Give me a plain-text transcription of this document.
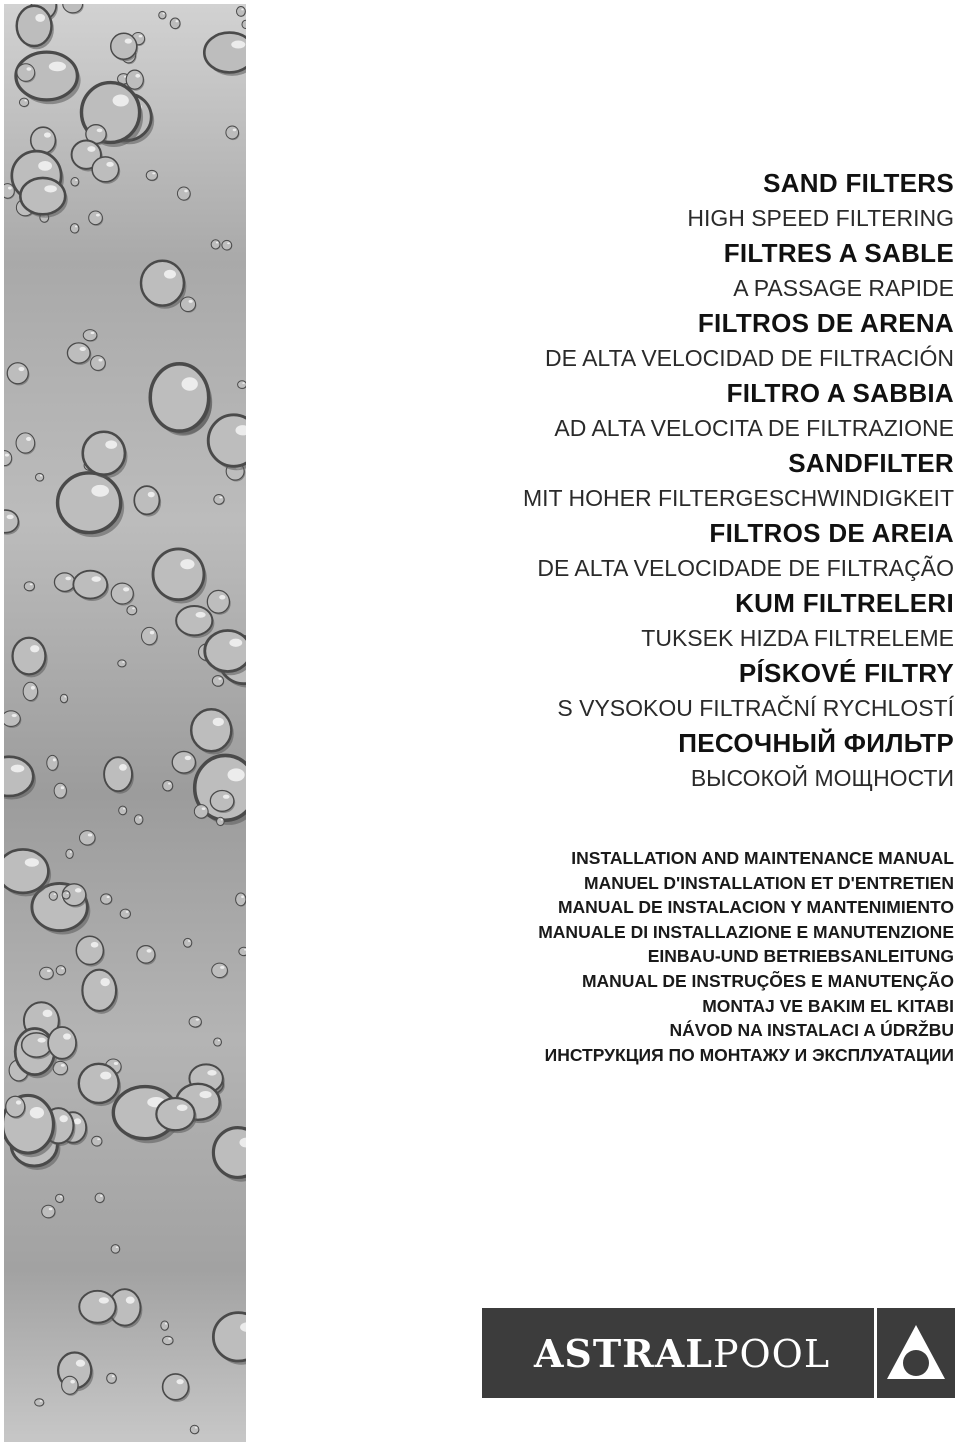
SAND FILTERS
HIGH SPEED FILTERING
FILTRES A SABLE
A PASSAGE RAPIDE
FILTROS DE ARENA
DE ALTA VELOCIDAD DE FILTRACIÓN
FILTRO A SABBIA
AD ALTA VELOCITA DE FILTRAZIONE
SANDFILTER
MIT HOHER FILTERGESCHWINDIGKEIT
FILTROS DE AREIA
DE ALTA VELOCIDADE DE FILTRAÇÃO
KUM FILTRELERI
TUKSEK HIZDA FILTRELEME
PÍSKOVÉ FILTRY
S VYSOKOU FILTRAČNÍ RYCHLOSTÍ
ПЕСОЧНЫЙ ФИЛЬТР
ВЫСОКОЙ МОЩНОСТИ
INSTALLATION AND MAINTENANCE MANUAL
MANUEL D'INSTALLATION ET D'ENTRETIEN
MANUAL DE INSTALACION Y MANTENIMIENTO
MANUALE DI INSTALLAZIONE E MANUTENZIONE
EINBAU-UND BETRIEBSANLEITUNG
MANUAL DE INSTRUÇÕES E MANUTENÇÃO
MONTAJ VE BAKIM EL KITABI
NÁVOD NA INSTALACI A ÚDRŽBU
ИНСТРУКЦИЯ ПО МОНТАЖУ И ЭКСПЛУАТАЦИИ
ASTRALPOOL
